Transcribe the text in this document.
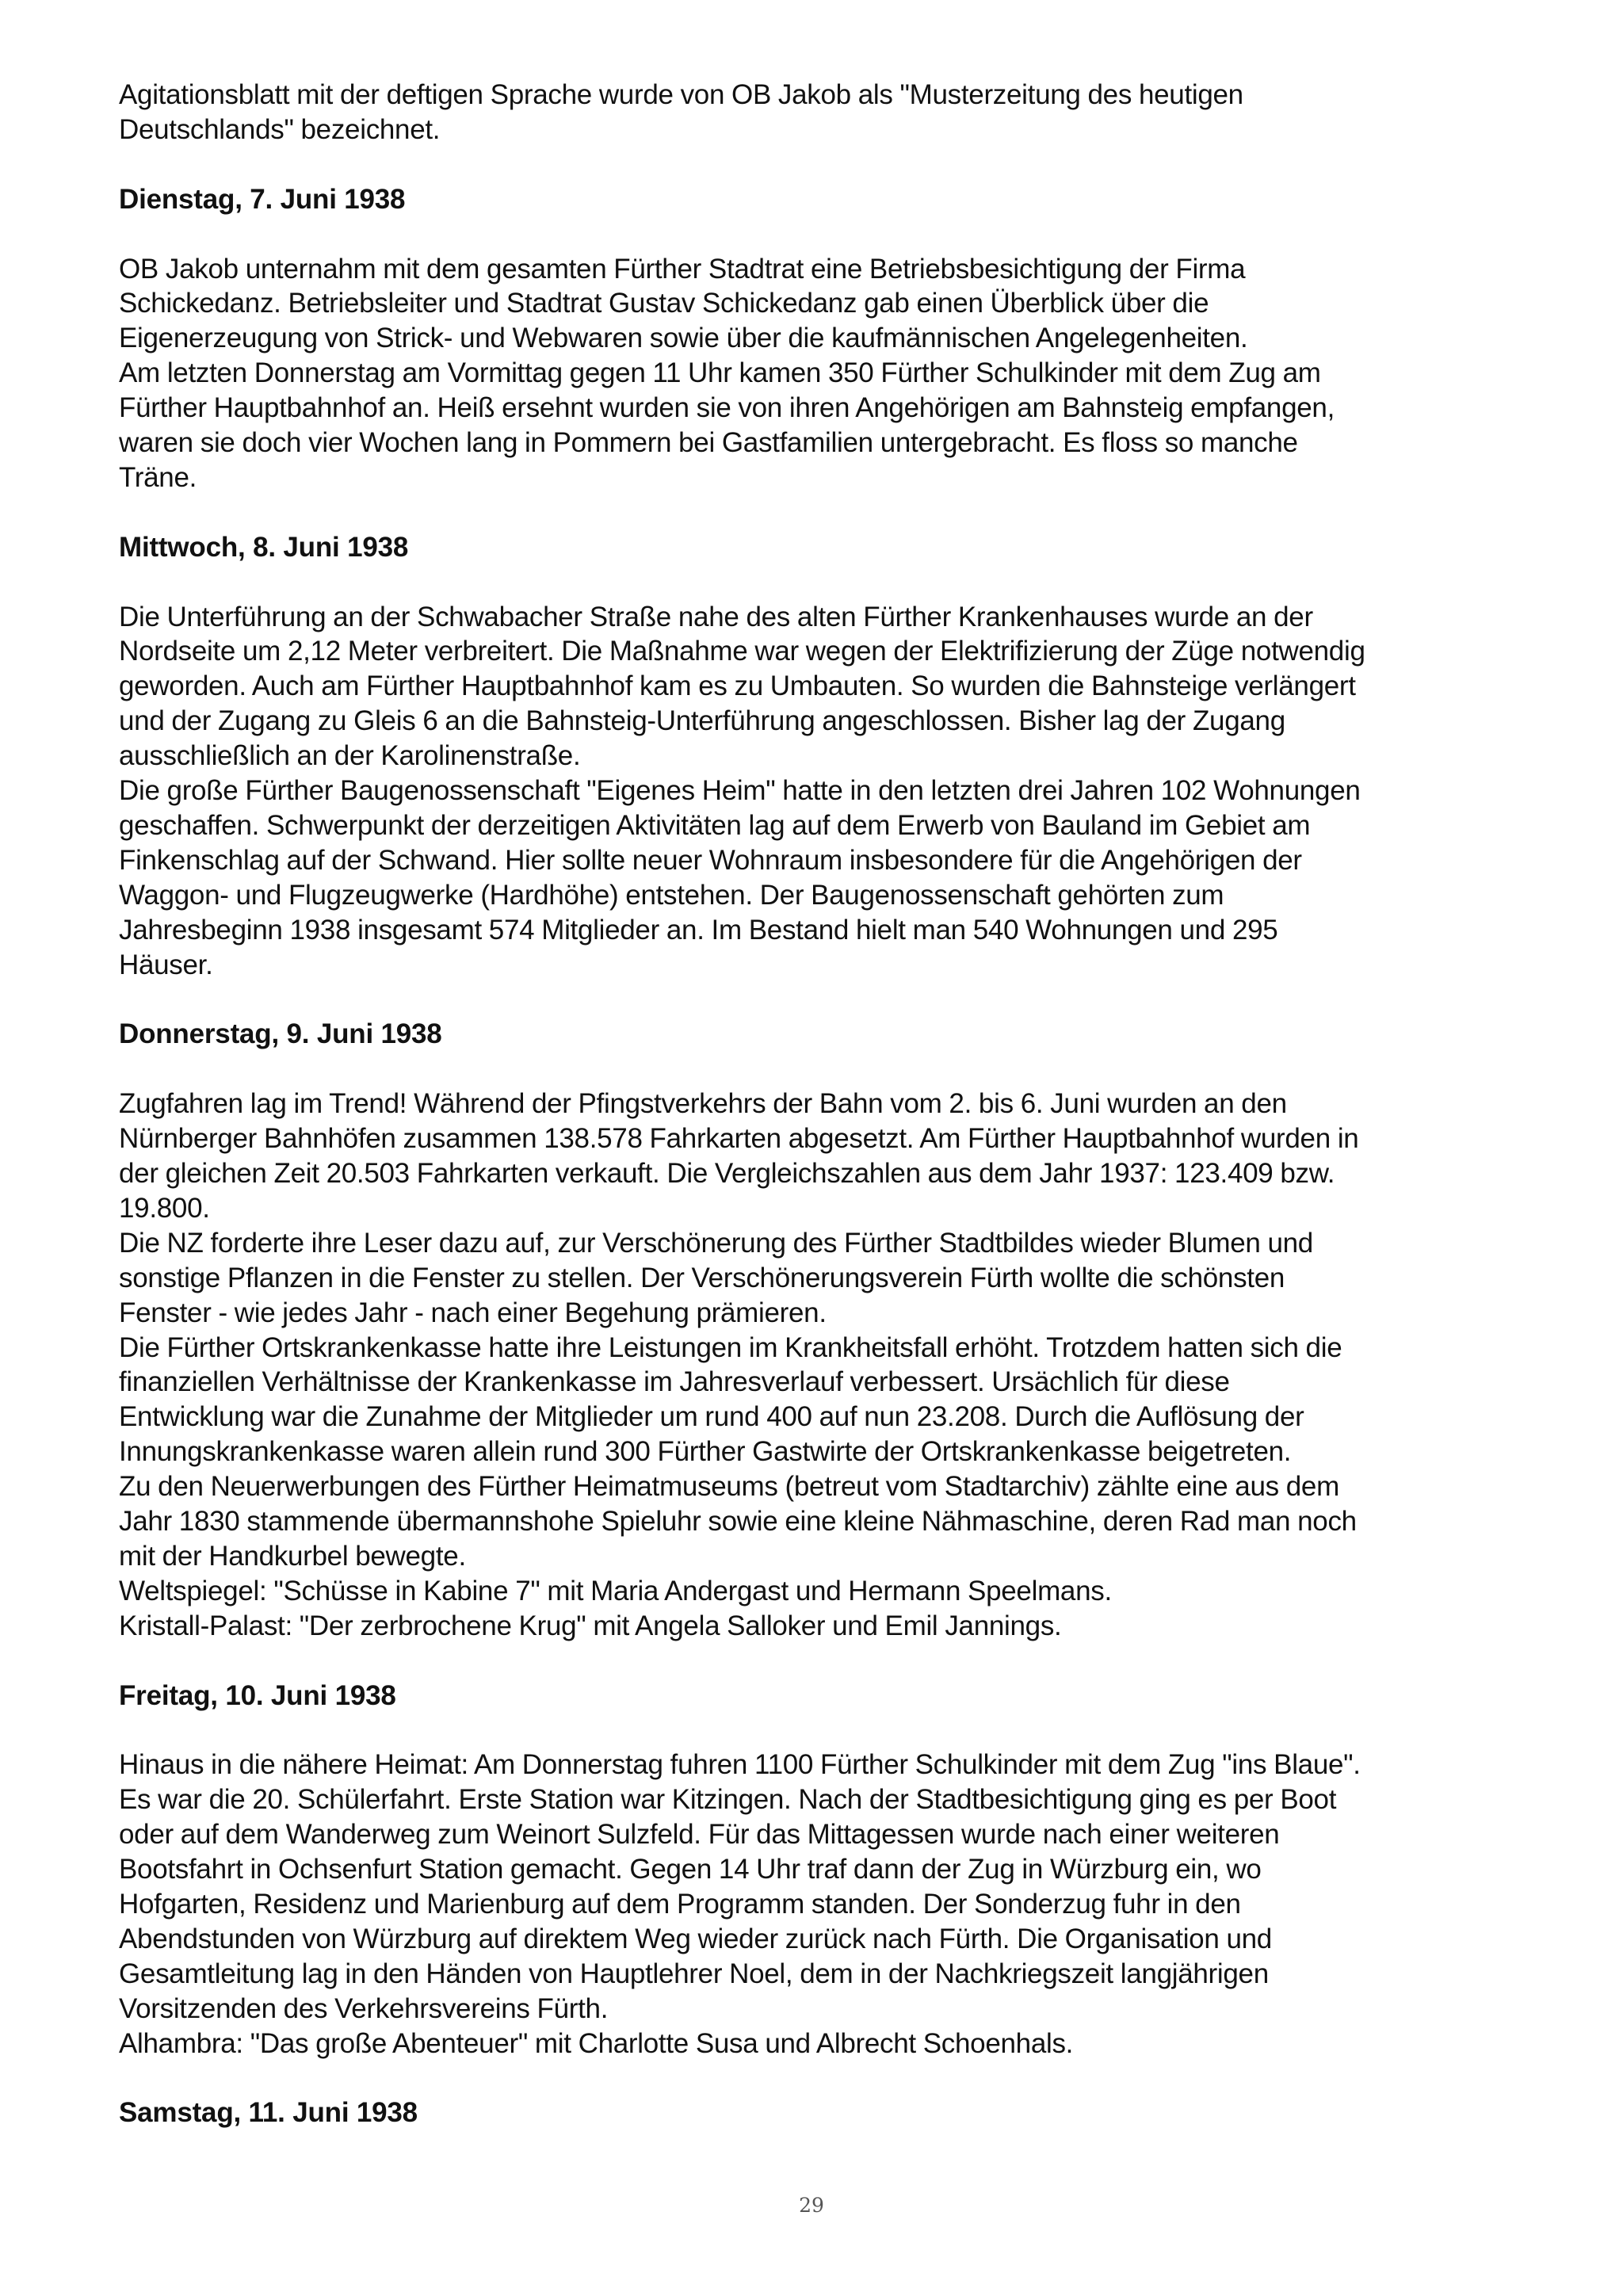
Agitationsblatt mit der deftigen Sprache wurde von OB Jakob als "Musterzeitung des heutigen
Deutschlands" bezeichnet.
Dienstag, 7. Juni 1938
OB Jakob unternahm mit dem gesamten Fürther Stadtrat eine Betriebsbesichtigung der Firma
Schickedanz. Betriebsleiter und Stadtrat Gustav Schickedanz gab einen Überblick über die
Eigenerzeugung von Strick- und Webwaren sowie über die kaufmännischen Angelegenheiten.
Am letzten Donnerstag am Vormittag gegen 11 Uhr kamen 350 Fürther Schulkinder mit dem Zug am
Fürther Hauptbahnhof an. Heiß ersehnt wurden sie von ihren Angehörigen am Bahnsteig empfangen,
waren sie doch vier Wochen lang in Pommern bei Gastfamilien untergebracht. Es floss so manche
Träne.
Mittwoch, 8. Juni 1938
Die Unterführung an der Schwabacher Straße nahe des alten Fürther Krankenhauses wurde an der
Nordseite um 2,12 Meter verbreitert. Die Maßnahme war wegen der Elektrifizierung der Züge notwendig
geworden. Auch am Fürther Hauptbahnhof kam es zu Umbauten. So wurden die Bahnsteige verlängert
und der Zugang zu Gleis 6 an die Bahnsteig-Unterführung angeschlossen. Bisher lag der Zugang
ausschließlich an der Karolinenstraße.
Die große Fürther Baugenossenschaft "Eigenes Heim" hatte in den letzten drei Jahren 102 Wohnungen
geschaffen. Schwerpunkt der derzeitigen Aktivitäten lag auf dem Erwerb von Bauland im Gebiet am
Finkenschlag auf der Schwand. Hier sollte neuer Wohnraum insbesondere für die Angehörigen der
Waggon- und Flugzeugwerke (Hardhöhe) entstehen. Der Baugenossenschaft gehörten zum
Jahresbeginn 1938 insgesamt 574 Mitglieder an. Im Bestand hielt man 540 Wohnungen und 295
Häuser.
Donnerstag, 9. Juni 1938
Zugfahren lag im Trend! Während der Pfingstverkehrs der Bahn vom 2. bis 6. Juni wurden an den
Nürnberger Bahnhöfen zusammen 138.578 Fahrkarten abgesetzt. Am Fürther Hauptbahnhof wurden in
der gleichen Zeit 20.503 Fahrkarten verkauft. Die Vergleichszahlen aus dem Jahr 1937: 123.409 bzw.
19.800.
Die NZ forderte ihre Leser dazu auf, zur Verschönerung des Fürther Stadtbildes wieder Blumen und
sonstige Pflanzen in die Fenster zu stellen. Der Verschönerungsverein Fürth wollte die schönsten
Fenster - wie jedes Jahr - nach einer Begehung prämieren.
Die Fürther Ortskrankenkasse hatte ihre Leistungen im Krankheitsfall erhöht. Trotzdem hatten sich die
finanziellen Verhältnisse der Krankenkasse im Jahresverlauf verbessert. Ursächlich für diese
Entwicklung war die Zunahme der Mitglieder um rund 400 auf nun 23.208. Durch die Auflösung der
Innungskrankenkasse waren allein rund 300 Fürther Gastwirte der Ortskrankenkasse beigetreten.
Zu den Neuerwerbungen des Fürther Heimatmuseums (betreut vom Stadtarchiv) zählte eine aus dem
Jahr 1830 stammende übermannshohe Spieluhr sowie eine kleine Nähmaschine, deren Rad man noch
mit der Handkurbel bewegte.
Weltspiegel: "Schüsse in Kabine 7" mit Maria Andergast und Hermann Speelmans.
Kristall-Palast: "Der zerbrochene Krug" mit Angela Salloker und Emil Jannings.
Freitag, 10. Juni 1938
Hinaus in die nähere Heimat: Am Donnerstag fuhren 1100 Fürther Schulkinder mit dem Zug "ins Blaue".
Es war die 20. Schülerfahrt. Erste Station war Kitzingen. Nach der Stadtbesichtigung ging es per Boot
oder auf dem Wanderweg zum Weinort Sulzfeld. Für das Mittagessen wurde nach einer weiteren
Bootsfahrt in Ochsenfurt Station gemacht. Gegen 14 Uhr traf dann der Zug in Würzburg ein, wo
Hofgarten, Residenz und Marienburg auf dem Programm standen. Der Sonderzug fuhr in den
Abendstunden von Würzburg auf direktem Weg wieder zurück nach Fürth. Die Organisation und
Gesamtleitung lag in den Händen von Hauptlehrer Noel, dem in der Nachkriegszeit langjährigen
Vorsitzenden des Verkehrsvereins Fürth.
Alhambra: "Das große Abenteuer" mit Charlotte Susa und Albrecht Schoenhals.
Samstag, 11. Juni 1938
29
